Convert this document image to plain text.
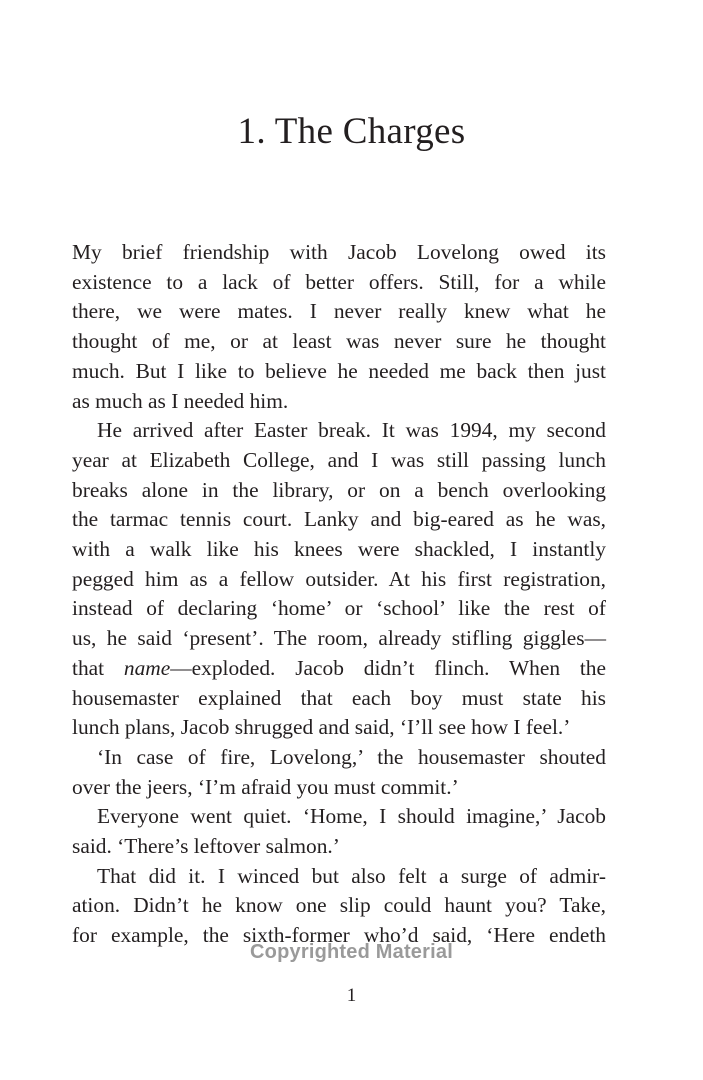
1. The Charges

My brief friendship with Jacob Lovelong owed its
existence to a lack of better offers. Still, for a while
there, we were mates. I never really knew what he
thought of me, or at least was never sure he thought
much. But I like to believe he needed me back then just
as much as I needed him.

He arrived after Easter break. It was 1994, my second
year at Elizabeth College, and I was still passing lunch
breaks alone in the library, or on a bench overlooking
the tarmac tennis court. Lanky and big-eared as he was,
with a walk like his knees were shackled, I instantly
pegged him as a fellow outsider. At his first registration,
instead of declaring ‘home’ or ‘school’ like the rest of
us, he said ‘present’. The room, already stifling giggles—
that name—exploded. Jacob didn’t flinch. When the
housemaster explained that each boy must state his
lunch plans, Jacob shrugged and said, ‘I’ll see how I feel.’

‘In case of fire, Lovelong,’ the housemaster shouted
over the jeers, ‘I’m afraid you must commit.’

Everyone went quiet. ‘Home, I should imagine,’ Jacob
said. ‘There’s leftover salmon.’

That did it. I winced but also felt a surge of admir-
ation. Didn’t he know one slip could haunt you? Take,
for example, the sixth-former who’d said, ‘Here endeth

Copyrighted Material
1
